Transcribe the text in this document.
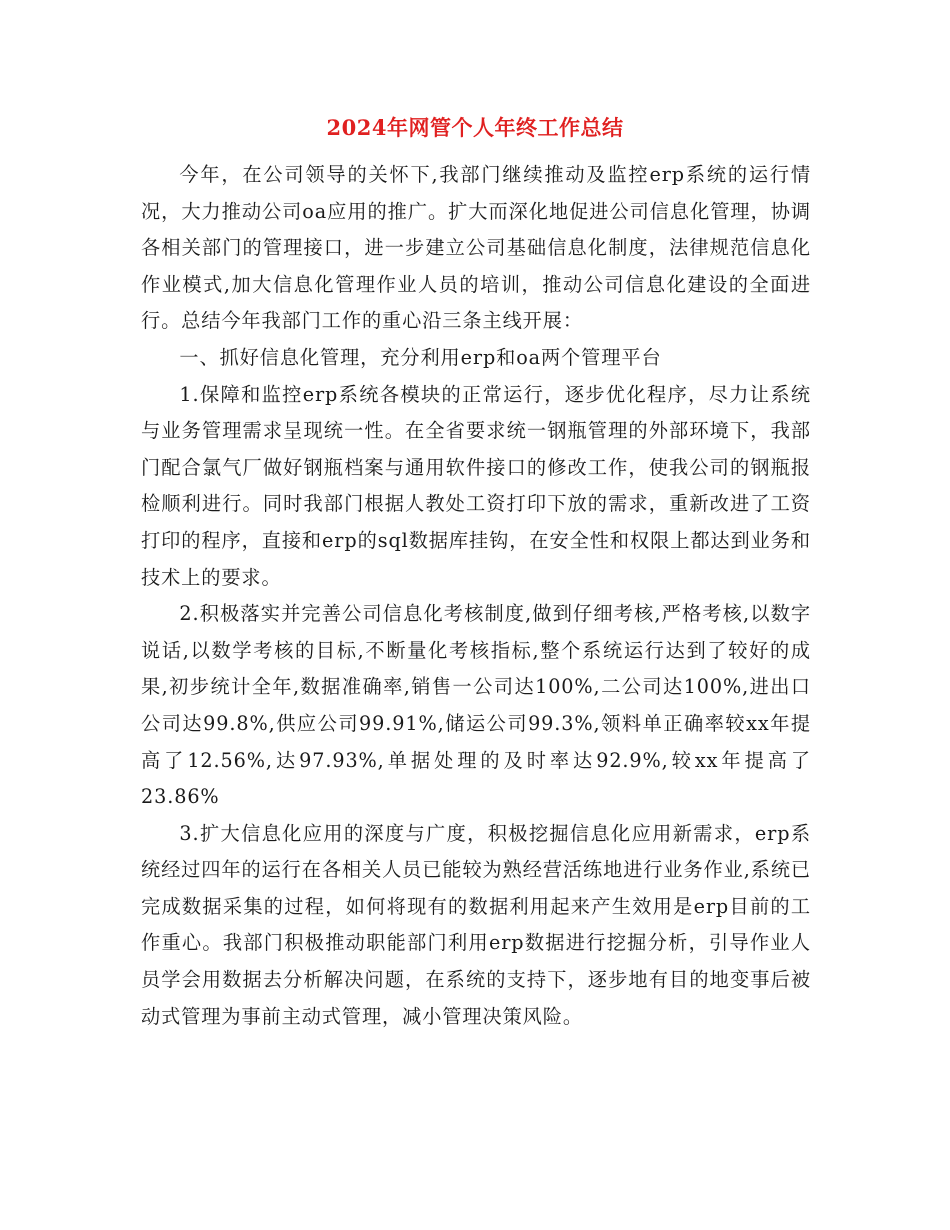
2024年网管个人年终工作总结

今年，在公司领导的关怀下,我部门继续推动及监控erp系统的运行情况，大力推动公司oa应用的推广。扩大而深化地促进公司信息化管理，协调各相关部门的管理接口，进一步建立公司基础信息化制度，法律规范信息化作业模式,加大信息化管理作业人员的培训，推动公司信息化建设的全面进行。总结今年我部门工作的重心沿三条主线开展：

一、抓好信息化管理，充分利用erp和oa两个管理平台

1.保障和监控erp系统各模块的正常运行，逐步优化程序，尽力让系统与业务管理需求呈现统一性。在全省要求统一钢瓶管理的外部环境下，我部门配合氯气厂做好钢瓶档案与通用软件接口的修改工作，使我公司的钢瓶报检顺利进行。同时我部门根据人教处工资打印下放的需求，重新改进了工资打印的程序，直接和erp的sql数据库挂钩，在安全性和权限上都达到业务和技术上的要求。

2.积极落实并完善公司信息化考核制度,做到仔细考核,严格考核,以数字说话,以数学考核的目标,不断量化考核指标,整个系统运行达到了较好的成果,初步统计全年,数据准确率,销售一公司达100%,二公司达100%,进出口公司达99.8%,供应公司99.91%,储运公司99.3%,领料单正确率较xx年提高了12.56%,达97.93%,单据处理的及时率达92.9%,较xx年提高了23.86%

3.扩大信息化应用的深度与广度，积极挖掘信息化应用新需求，erp系统经过四年的运行在各相关人员已能较为熟经营活练地进行业务作业,系统已完成数据采集的过程，如何将现有的数据利用起来产生效用是erp目前的工作重心。我部门积极推动职能部门利用erp数据进行挖掘分析，引导作业人员学会用数据去分析解决问题，在系统的支持下，逐步地有目的地变事后被动式管理为事前主动式管理，减小管理决策风险。
